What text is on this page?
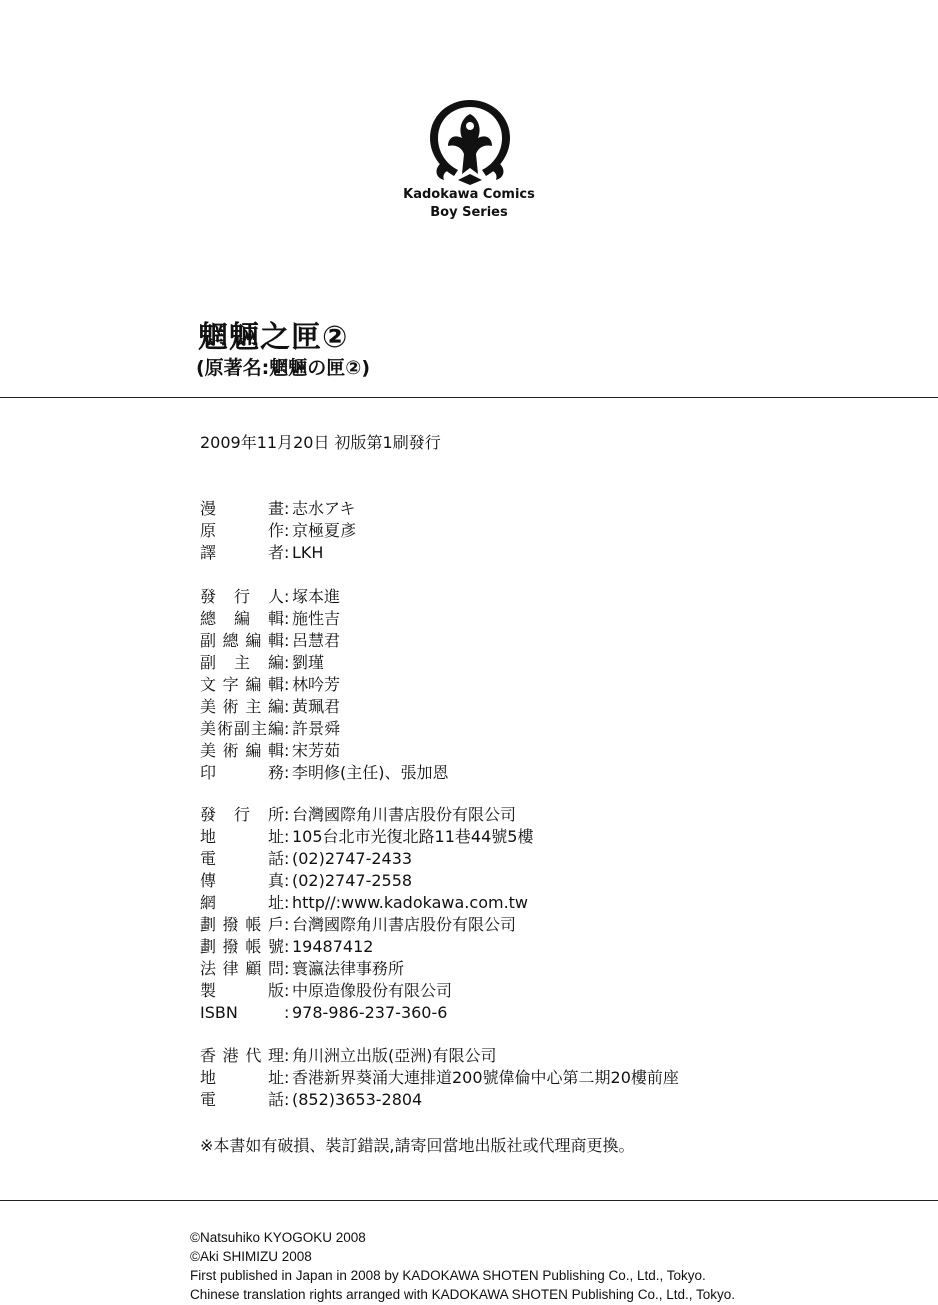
Kadokawa Comics
Boy Series
魍魎之匣②
(原著名:魍魎の匣②)
2009年11月20日 初版第1刷發行
漫畫: 志水アキ
原作: 京極夏彥
譯者: LKH
發行人: 塚本進
總編輯: 施性吉
副總編輯: 呂慧君
副主編: 劉瑾
文字編輯: 林吟芳
美術主編: 黃珮君
美術副主編: 許景舜
美術編輯: 宋芳茹
印務: 李明修(主任)、張加恩
發行所: 台灣國際角川書店股份有限公司
地址: 105台北市光復北路11巷44號5樓
電話: (02)2747-2433
傳真: (02)2747-2558
網址: http//:www.kadokawa.com.tw
劃撥帳戶: 台灣國際角川書店股份有限公司
劃撥帳號: 19487412
法律顧問: 寰瀛法律事務所
製版: 中原造像股份有限公司
ISBN	: 978-986-237-360-6
香港代理: 角川洲立出版(亞洲)有限公司
地址: 香港新界葵涌大連排道200號偉倫中心第二期20樓前座
電話: (852)3653-2804
※本書如有破損、裝訂錯誤,請寄回當地出版社或代理商更換。
©Natsuhiko KYOGOKU 2008
©Aki SHIMIZU 2008
First published in Japan in 2008 by KADOKAWA SHOTEN Publishing Co., Ltd., Tokyo.
Chinese translation rights arranged with KADOKAWA SHOTEN Publishing Co., Ltd., Tokyo.
